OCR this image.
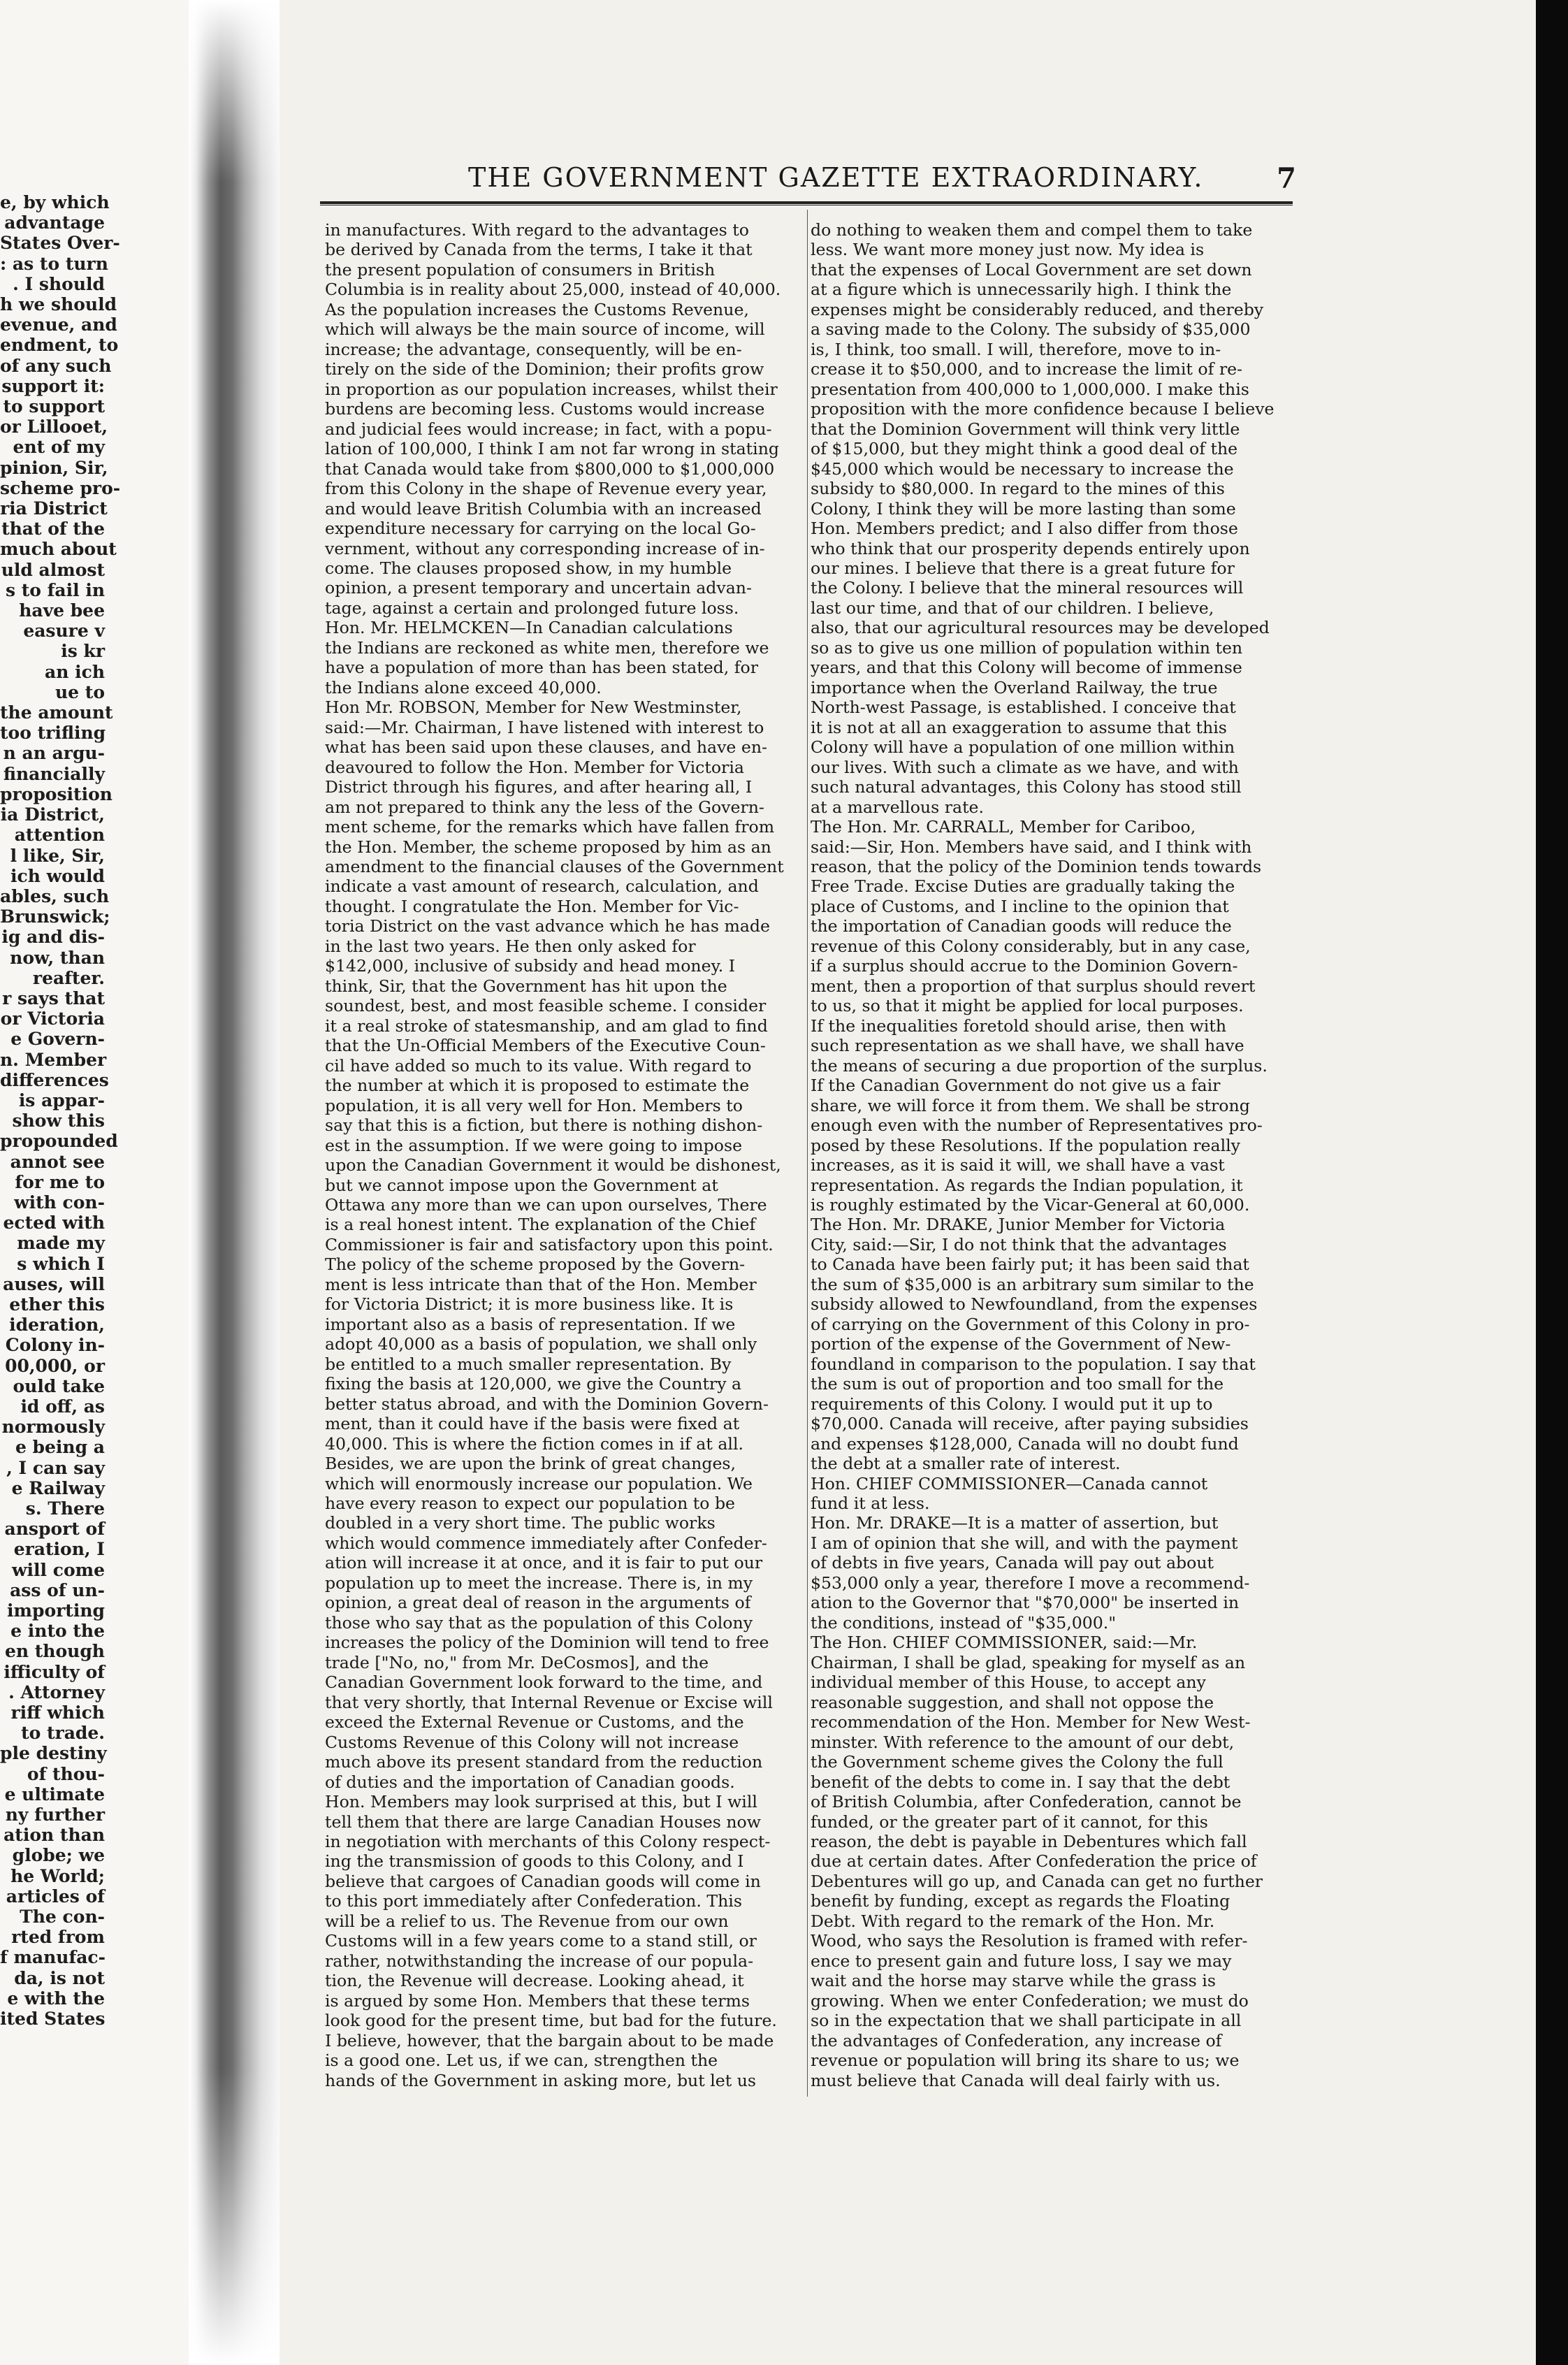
e, by which
advantage
States Over-
: as to turn
. I should
h we should
evenue, and
endment, to
of any such
support it:
to support
or Lillooet,
ent of my
pinion, Sir,
scheme pro-
ria District
that of the
much about
uld almost
s to fail in
have bee
easure v
is kr
an ich
ue to
the amount
too trifling
n an argu-
financially
proposition
ia District,
attention
l like, Sir,
ich would
ables, such
Brunswick;
ig and dis-
now, than
reafter.
r says that
or Victoria
e Govern-
n. Member
differences
is appar-
show this
propounded
annot see
for me to
with con-
ected with
made my
s which I
auses, will
ether this
ideration,
Colony in-
00,000, or
ould take
id off, as
normously
e being a
, I can say
e Railway
s. There
ansport of
eration, I
will come
ass of un-
importing
e into the
en though
ifficulty of
. Attorney
riff which
to trade.
ple destiny
of thou-
e ultimate
ny further
ation than
globe; we
he World;
articles of
The con-
rted from
f manufac-
da, is not
e with the
ited States
THE GOVERNMENT GAZETTE EXTRAORDINARY.	7
in manufactures. With regard to the advantages to
be derived by Canada from the terms, I take it that
the present population of consumers in British
Columbia is in reality about 25,000, instead of 40,000.
As the population increases the Customs Revenue,
which will always be the main source of income, will
increase; the advantage, consequently, will be en-
tirely on the side of the Dominion; their profits grow
in proportion as our population increases, whilst their
burdens are becoming less. Customs would increase
and judicial fees would increase; in fact, with a popu-
lation of 100,000, I think I am not far wrong in stating
that Canada would take from $800,000 to $1,000,000
from this Colony in the shape of Revenue every year,
and would leave British Columbia with an increased
expenditure necessary for carrying on the local Go-
vernment, without any corresponding increase of in-
come. The clauses proposed show, in my humble
opinion, a present temporary and uncertain advan-
tage, against a certain and prolonged future loss.
Hon. Mr. HELMCKEN—In Canadian calculations
the Indians are reckoned as white men, therefore we
have a population of more than has been stated, for
the Indians alone exceed 40,000.
Hon Mr. ROBSON, Member for New Westminster,
said:—Mr. Chairman, I have listened with interest to
what has been said upon these clauses, and have en-
deavoured to follow the Hon. Member for Victoria
District through his figures, and after hearing all, I
am not prepared to think any the less of the Govern-
ment scheme, for the remarks which have fallen from
the Hon. Member, the scheme proposed by him as an
amendment to the financial clauses of the Government
indicate a vast amount of research, calculation, and
thought. I congratulate the Hon. Member for Vic-
toria District on the vast advance which he has made
in the last two years. He then only asked for
$142,000, inclusive of subsidy and head money. I
think, Sir, that the Government has hit upon the
soundest, best, and most feasible scheme. I consider
it a real stroke of statesmanship, and am glad to find
that the Un-Official Members of the Executive Coun-
cil have added so much to its value. With regard to
the number at which it is proposed to estimate the
population, it is all very well for Hon. Members to
say that this is a fiction, but there is nothing dishon-
est in the assumption. If we were going to impose
upon the Canadian Government it would be dishonest,
but we cannot impose upon the Government at
Ottawa any more than we can upon ourselves, There
is a real honest intent. The explanation of the Chief
Commissioner is fair and satisfactory upon this point.
The policy of the scheme proposed by the Govern-
ment is less intricate than that of the Hon. Member
for Victoria District; it is more business like. It is
important also as a basis of representation. If we
adopt 40,000 as a basis of population, we shall only
be entitled to a much smaller representation. By
fixing the basis at 120,000, we give the Country a
better status abroad, and with the Dominion Govern-
ment, than it could have if the basis were fixed at
40,000. This is where the fiction comes in if at all.
Besides, we are upon the brink of great changes,
which will enormously increase our population. We
have every reason to expect our population to be
doubled in a very short time. The public works
which would commence immediately after Confeder-
ation will increase it at once, and it is fair to put our
population up to meet the increase. There is, in my
opinion, a great deal of reason in the arguments of
those who say that as the population of this Colony
increases the policy of the Dominion will tend to free
trade ["No, no," from Mr. DeCosmos], and the
Canadian Government look forward to the time, and
that very shortly, that Internal Revenue or Excise will
exceed the External Revenue or Customs, and the
Customs Revenue of this Colony will not increase
much above its present standard from the reduction
of duties and the importation of Canadian goods.
Hon. Members may look surprised at this, but I will
tell them that there are large Canadian Houses now
in negotiation with merchants of this Colony respect-
ing the transmission of goods to this Colony, and I
believe that cargoes of Canadian goods will come in
to this port immediately after Confederation. This
will be a relief to us. The Revenue from our own
Customs will in a few years come to a stand still, or
rather, notwithstanding the increase of our popula-
tion, the Revenue will decrease. Looking ahead, it
is argued by some Hon. Members that these terms
look good for the present time, but bad for the future.
I believe, however, that the bargain about to be made
is a good one. Let us, if we can, strengthen the
hands of the Government in asking more, but let us
do nothing to weaken them and compel them to take
less. We want more money just now. My idea is
that the expenses of Local Government are set down
at a figure which is unnecessarily high. I think the
expenses might be considerably reduced, and thereby
a saving made to the Colony. The subsidy of $35,000
is, I think, too small. I will, therefore, move to in-
crease it to $50,000, and to increase the limit of re-
presentation from 400,000 to 1,000,000. I make this
proposition with the more confidence because I believe
that the Dominion Government will think very little
of $15,000, but they might think a good deal of the
$45,000 which would be necessary to increase the
subsidy to $80,000. In regard to the mines of this
Colony, I think they will be more lasting than some
Hon. Members predict; and I also differ from those
who think that our prosperity depends entirely upon
our mines. I believe that there is a great future for
the Colony. I believe that the mineral resources will
last our time, and that of our children. I believe,
also, that our agricultural resources may be developed
so as to give us one million of population within ten
years, and that this Colony will become of immense
importance when the Overland Railway, the true
North-west Passage, is established. I conceive that
it is not at all an exaggeration to assume that this
Colony will have a population of one million within
our lives. With such a climate as we have, and with
such natural advantages, this Colony has stood still
at a marvellous rate.
The Hon. Mr. CARRALL, Member for Cariboo,
said:—Sir, Hon. Members have said, and I think with
reason, that the policy of the Dominion tends towards
Free Trade. Excise Duties are gradually taking the
place of Customs, and I incline to the opinion that
the importation of Canadian goods will reduce the
revenue of this Colony considerably, but in any case,
if a surplus should accrue to the Dominion Govern-
ment, then a proportion of that surplus should revert
to us, so that it might be applied for local purposes.
If the inequalities foretold should arise, then with
such representation as we shall have, we shall have
the means of securing a due proportion of the surplus.
If the Canadian Government do not give us a fair
share, we will force it from them. We shall be strong
enough even with the number of Representatives pro-
posed by these Resolutions. If the population really
increases, as it is said it will, we shall have a vast
representation. As regards the Indian population, it
is roughly estimated by the Vicar-General at 60,000.
The Hon. Mr. DRAKE, Junior Member for Victoria
City, said:—Sir, I do not think that the advantages
to Canada have been fairly put; it has been said that
the sum of $35,000 is an arbitrary sum similar to the
subsidy allowed to Newfoundland, from the expenses
of carrying on the Government of this Colony in pro-
portion of the expense of the Government of New-
foundland in comparison to the population. I say that
the sum is out of proportion and too small for the
requirements of this Colony. I would put it up to
$70,000. Canada will receive, after paying subsidies
and expenses $128,000, Canada will no doubt fund
the debt at a smaller rate of interest.
Hon. CHIEF COMMISSIONER—Canada cannot
fund it at less.
Hon. Mr. DRAKE—It is a matter of assertion, but
I am of opinion that she will, and with the payment
of debts in five years, Canada will pay out about
$53,000 only a year, therefore I move a recommend-
ation to the Governor that "$70,000" be inserted in
the conditions, instead of "$35,000."
The Hon. CHIEF COMMISSIONER, said:—Mr.
Chairman, I shall be glad, speaking for myself as an
individual member of this House, to accept any
reasonable suggestion, and shall not oppose the
recommendation of the Hon. Member for New West-
minster. With reference to the amount of our debt,
the Government scheme gives the Colony the full
benefit of the debts to come in. I say that the debt
of British Columbia, after Confederation, cannot be
funded, or the greater part of it cannot, for this
reason, the debt is payable in Debentures which fall
due at certain dates. After Confederation the price of
Debentures will go up, and Canada can get no further
benefit by funding, except as regards the Floating
Debt. With regard to the remark of the Hon. Mr.
Wood, who says the Resolution is framed with refer-
ence to present gain and future loss, I say we may
wait and the horse may starve while the grass is
growing. When we enter Confederation; we must do
so in the expectation that we shall participate in all
the advantages of Confederation, any increase of
revenue or population will bring its share to us; we
must believe that Canada will deal fairly with us.
